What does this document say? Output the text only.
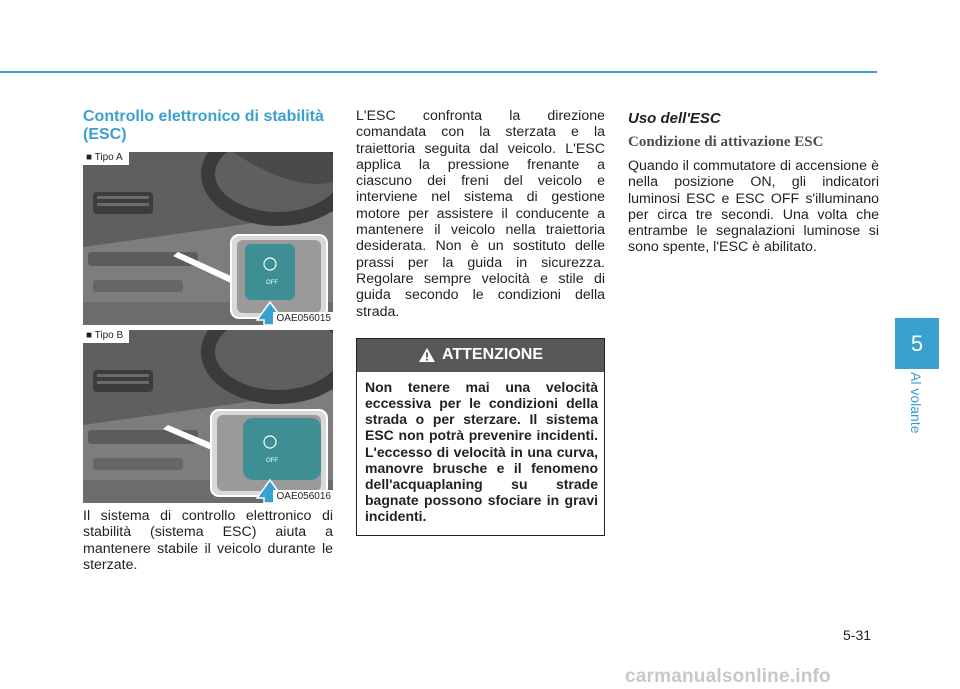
Controllo elettronico di stabilità (ESC)
OFF
■ Tipo A
OAE056015
OFF
■ Tipo B
OAE056016

Il sistema di controllo elettronico di stabilità (sistema ESC) aiuta a mantenere stabile il veicolo durante le sterzate.

L'ESC confronta la direzione comandata con la sterzata e la traiettoria seguita dal veicolo. L'ESC applica la pressione frenante a ciascuno dei freni del veicolo e interviene nel sistema di gestione motore per assistere il conducente a mantenere il veicolo nella traiettoria desiderata. Non è un sostituto delle prassi per la guida in sicurezza. Regolare sempre velocità e stile di guida secondo le condizioni della strada.

ATTENZIONE

Non tenere mai una velocità eccessiva per le condizioni della strada o per sterzare. Il sistema ESC non potrà prevenire incidenti. L'eccesso di velocità in una curva, manovre brusche e il fenomeno dell'acquaplaning su strade bagnate possono sfociare in gravi incidenti.

Uso dell'ESC
Condizione di attivazione ESC

Quando il commutatore di accensione è nella posizione ON, gli indicatori luminosi ESC e ESC OFF s'illuminano per circa tre secondi. Una volta che entrambe le segnalazioni luminose si sono spente, l'ESC è abilitato.

5
Al volante
5-31
carmanualsonline.info
